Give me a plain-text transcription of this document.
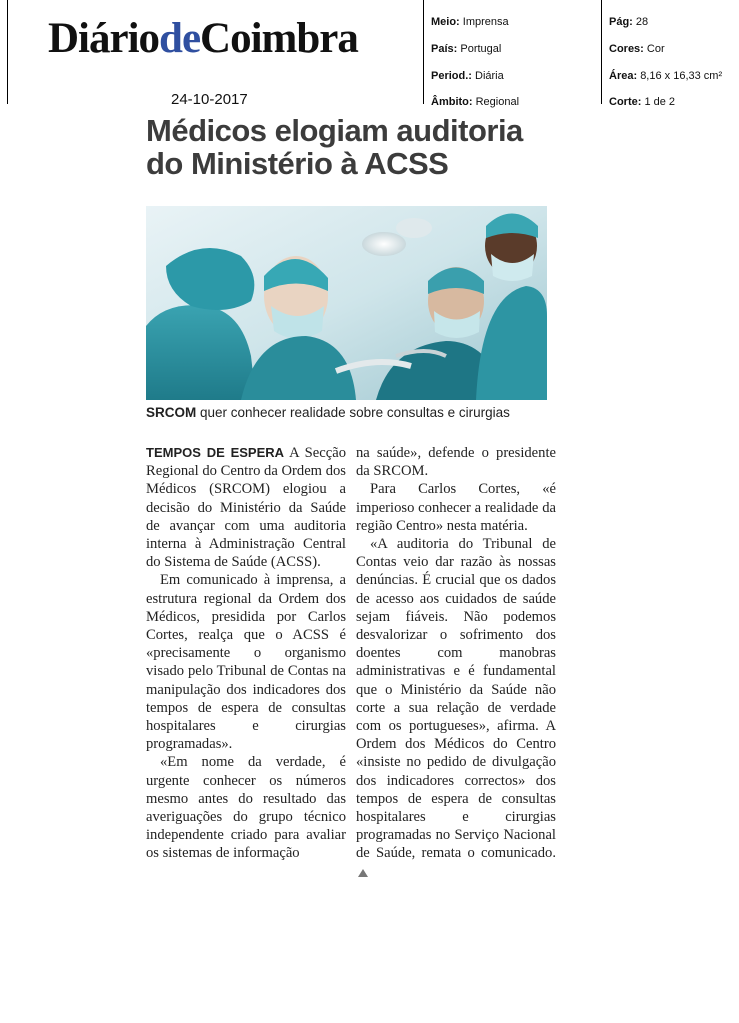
DiáriodeCoimbra
24-10-2017
Meio: Imprensa
País: Portugal
Period.: Diária
Âmbito: Regional
Pág: 28
Cores: Cor
Área: 8,16 x 16,33 cm²
Corte: 1 de 2
Médicos elogiam auditoria
do Ministério à ACSS
SRCOM quer conhecer realidade sobre consultas e cirurgias

TEMPOS DE ESPERA A Secção Regional do Centro da Ordem dos Médicos (SRCOM) elogiou a decisão do Ministério da Saúde de avançar com uma auditoria interna à Administração Central do Sistema de Saúde (ACSS).

Em comunicado à imprensa, a estrutura regional da Ordem dos Médicos, presidida por Carlos Cortes, realça que o ACSS é «precisamente o organismo visado pelo Tribunal de Contas na manipulação dos indicadores dos tempos de espera de consultas hospitalares e cirurgias programadas».

«Em nome da verdade, é urgente conhecer os números mesmo antes do resultado das averiguações do grupo técnico independente criado para avaliar os sistemas de informação

na saúde», defende o presidente da SRCOM.

Para Carlos Cortes, «é imperioso conhecer a realidade da região Centro» nesta matéria.

«A auditoria do Tribunal de Contas veio dar razão às nossas denúncias. É crucial que os dados de acesso aos cuidados de saúde sejam fiáveis. Não podemos desvalorizar o sofrimento dos doentes com manobras administrativas e é fundamental que o Ministério da Saúde não corte a sua relação de verdade com os portugueses», afirma. A Ordem dos Médicos do Centro «insiste no pedido de divulgação dos indicadores correctos» dos tempos de espera de consultas hospitalares e cirurgias programadas no Serviço Nacional de Saúde, remata o comunicado.
